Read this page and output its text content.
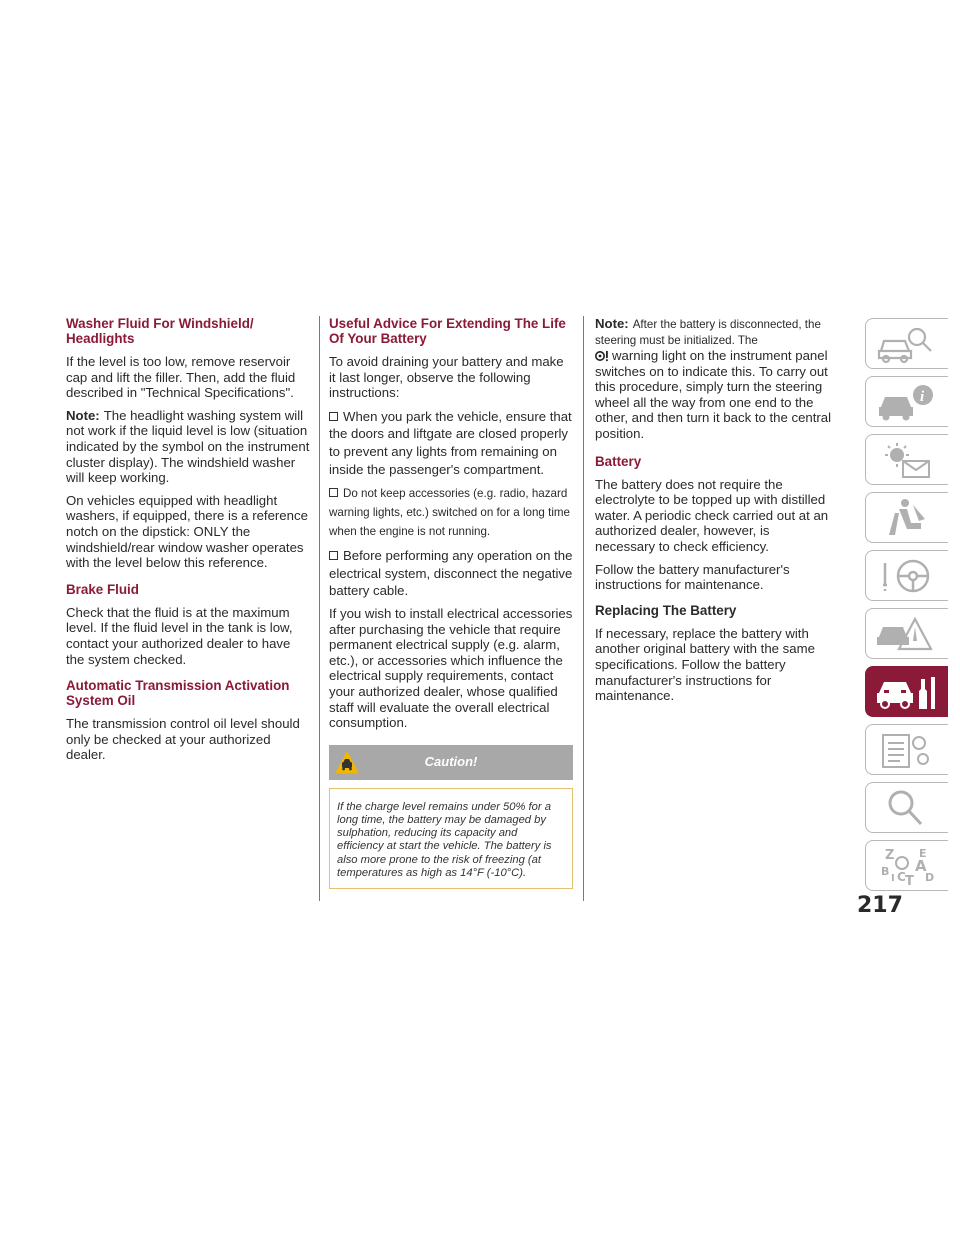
Washer Fluid For Windshield/ Headlights

If the level is too low, remove reservoir cap and lift the filler. Then, add the fluid described in "Technical Specifications".

Note: The headlight washing system will not work if the liquid level is low (situation indicated by the symbol on the instrument cluster display). The windshield washer will keep working.

On vehicles equipped with headlight washers, if equipped, there is a reference notch on the dipstick: ONLY the windshield/rear window washer operates with the level below this reference.

Brake Fluid

Check that the fluid is at the maximum level. If the fluid level in the tank is low, contact your authorized dealer to have the system checked.

Automatic Transmission Activation System Oil

The transmission control oil level should only be checked at your authorized dealer.

Useful Advice For Extending The Life Of Your Battery

To avoid draining your battery and make it last longer, observe the following instructions:

When you park the vehicle, ensure that the doors and liftgate are closed properly to prevent any lights from remaining on inside the passenger's compartment.

Do not keep accessories (e.g. radio, hazard warning lights, etc.) switched on for a long time when the engine is not running.

Before performing any operation on the electrical system, disconnect the negative battery cable.

If you wish to install electrical accessories after purchasing the vehicle that require permanent electrical supply (e.g. alarm, etc.), or accessories which influence the electrical supply requirements, contact your authorized dealer, whose qualified staff will evaluate the overall electrical consumption.

Caution!
If the charge level remains under 50% for a long time, the battery may be damaged by sulphation, reducing its capacity and efficiency at start the vehicle. The battery is also more prone to the risk of freezing (at temperatures as high as 14°F (-10°C).

Note: After the battery is disconnected, the steering must be initialized. The
warning light on the instrument panel switches on to indicate this. To carry out this procedure, simply turn the steering wheel all the way from one end to the other, and then turn it back to the central position.

Battery

The battery does not require the electrolyte to be topped up with distilled water. A periodic check carried out at an authorized dealer, however, is necessary to check efficiency.

Follow the battery manufacturer's instructions for maintenance.

Replacing The Battery

If necessary, replace the battery with another original battery with the same specifications. Follow the battery manufacturer's instructions for maintenance.

i
Z E
A
B C T D
I
217
